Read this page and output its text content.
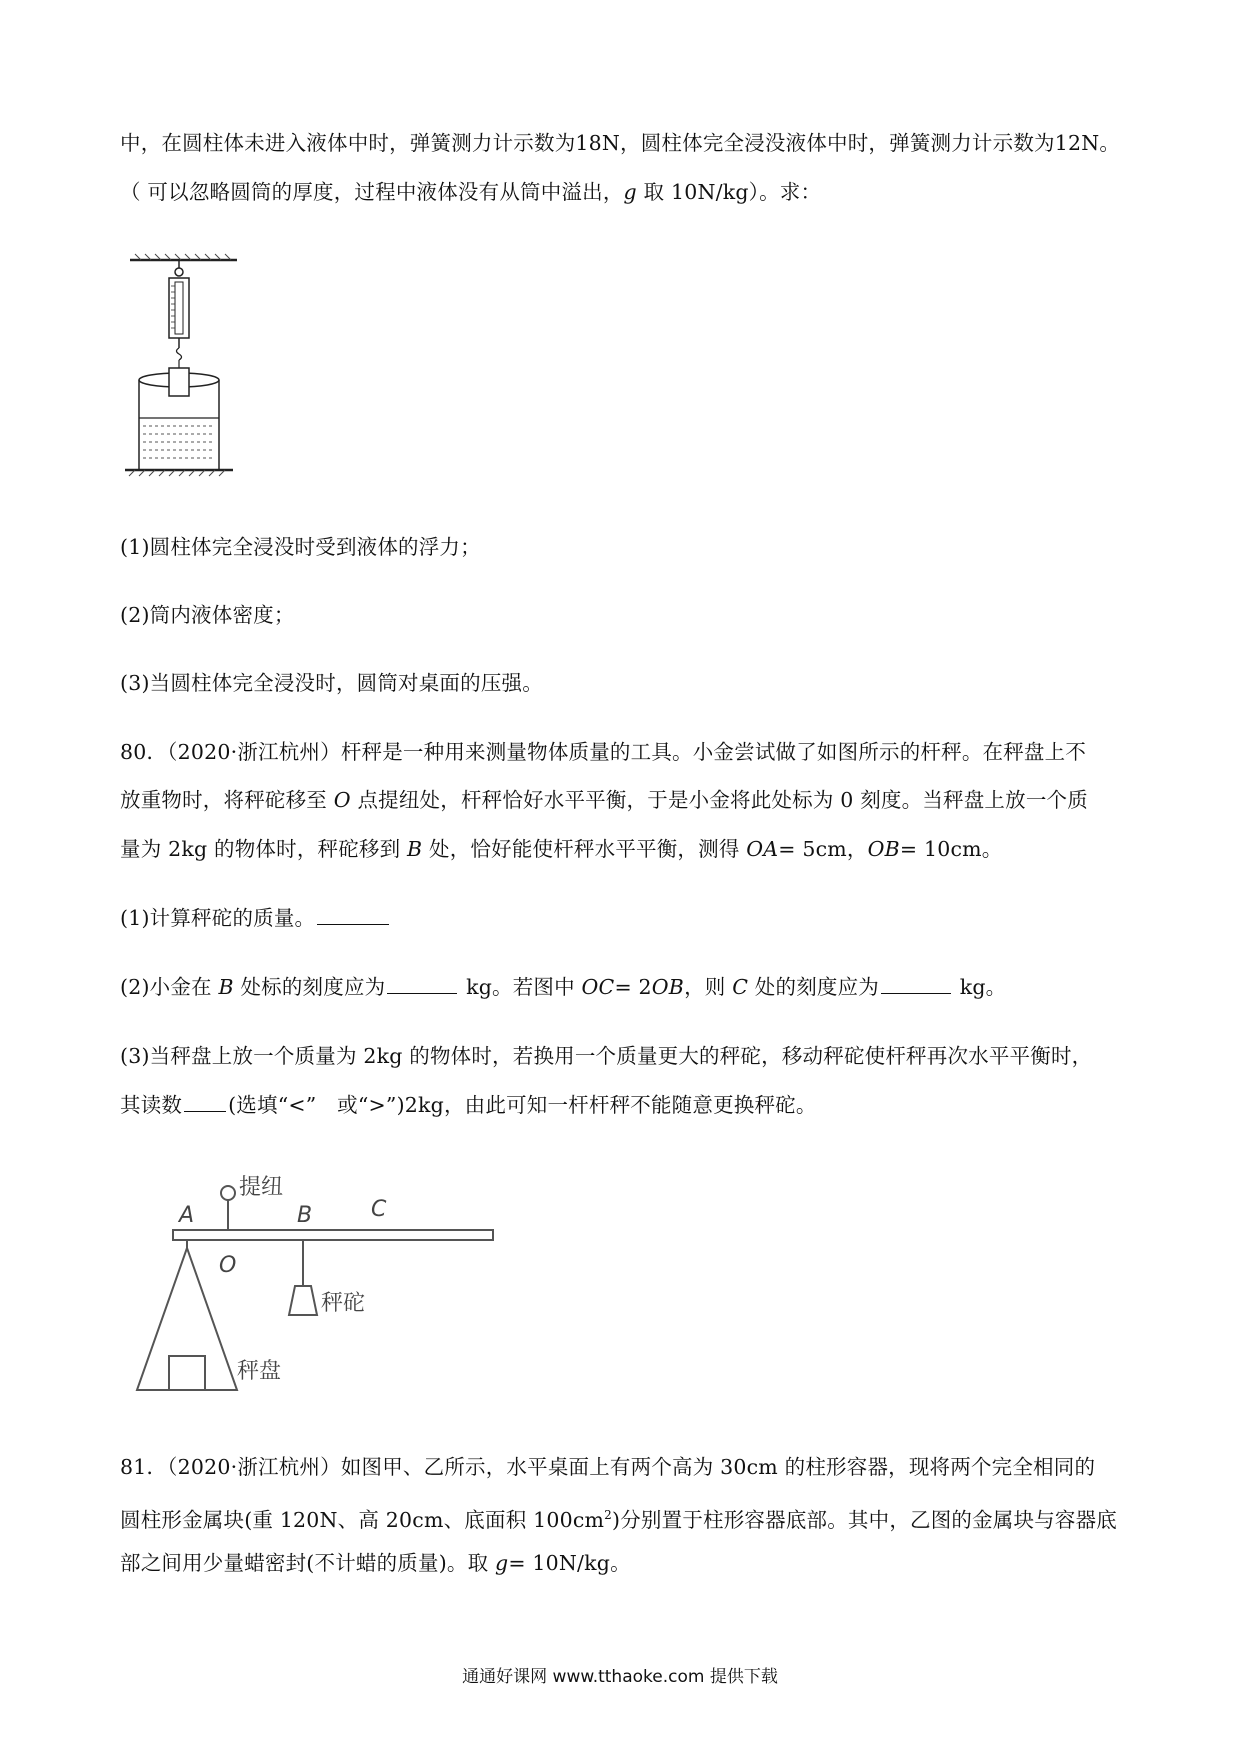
中，在圆柱体未进入液体中时，弹簧测力计示数为18N，圆柱体完全浸没液体中时，弹簧测力计示数为12N。
（ 可以忽略圆筒的厚度，过程中液体没有从筒中溢出，g 取 10N/kg）。求：
(1)圆柱体完全浸没时受到液体的浮力；
(2)筒内液体密度；
(3)当圆柱体完全浸没时，圆筒对桌面的压强。
80．（2020·浙江杭州）杆秤是一种用来测量物体质量的工具。小金尝试做了如图所示的杆秤。在秤盘上不
放重物时，将秤砣移至 O 点提纽处，杆秤恰好水平平衡，于是小金将此处标为 0 刻度。当秤盘上放一个质
量为 2kg 的物体时，秤砣移到 B 处，恰好能使杆秤水平平衡，测得 OA= 5cm，OB= 10cm。
(1)计算秤砣的质量。
(2)小金在 B 处标的刻度应为	kg。若图中 OC= 2OB，则 C 处的刻度应为	kg。
(3)当秤盘上放一个质量为 2kg 的物体时，若换用一个质量更大的秤砣，移动秤砣使杆秤再次水平平衡时，
其读数 (选填“<”　或“>”)2kg，由此可知一杆杆秤不能随意更换秤砣。
提纽
A	B	C
O
秤砣
秤盘
81．（2020·浙江杭州）如图甲、乙所示，水平桌面上有两个高为 30cm 的柱形容器，现将两个完全相同的
圆柱形金属块(重 120N、高 20cm、底面积 $100cm^2$)分别置于柱形容器底部。其中，乙图的金属块与容器底
部之间用少量蜡密封(不计蜡的质量)。取 g= 10N/kg。
通通好课网 www.tthaoke.com 提供下载
